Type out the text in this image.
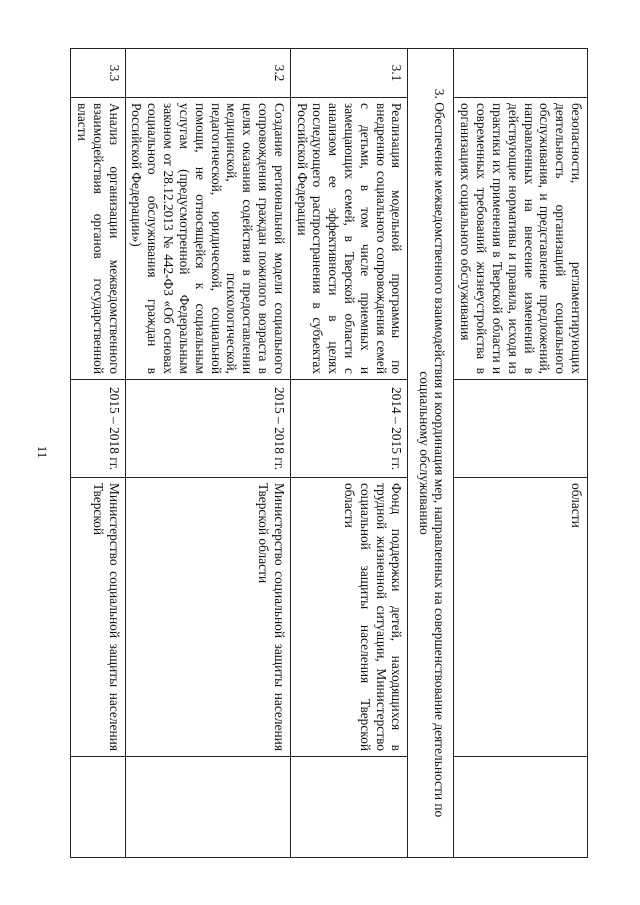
11
	безопасности, регламентирующих деятельность организаций социального обслуживания, и представление предложений, направленных на внесение изменений в действующие нормативы и правила, исходя из практики их применения в Тверской области и современных требований жизнеустройства в организациях социального обслуживания		области	
3. Обеспечение межведомственного взаимодействия и координация мер, направленных на совершенствование деятельности по социальному обслуживанию				
3.1	Реализация модельной программы по внедрению социального сопровождения семей с детьми, в том числе приемных и замещающих семей, в Тверской области с анализом ее эффективности в целях последующего распространения в субъектах Российской Федерации	2014 – 2015 гг.	Фонд поддержки детей, находящихся в трудной жизненной ситуации, Министерство социальной защиты населения Тверской области	
3.2	Создание региональной модели социального сопровождения граждан пожилого возраста в целях оказания содействия в предоставлении медицинской, психологической, педагогической, юридической, социальной помощи, не относящейся к социальным услугам (предусмотренной Федеральным законом от 28.12.2013 № 442-ФЗ «Об основах социального обслуживания граждан в Российской Федерации»)	2015 – 2018 гг.	Министерство социальной защиты населения Тверской области	
3.3	Анализ организации межведомственного взаимодействия органов государственной власти	2015 – 2018 гг.	Министерство социальной защиты населения Тверской	
